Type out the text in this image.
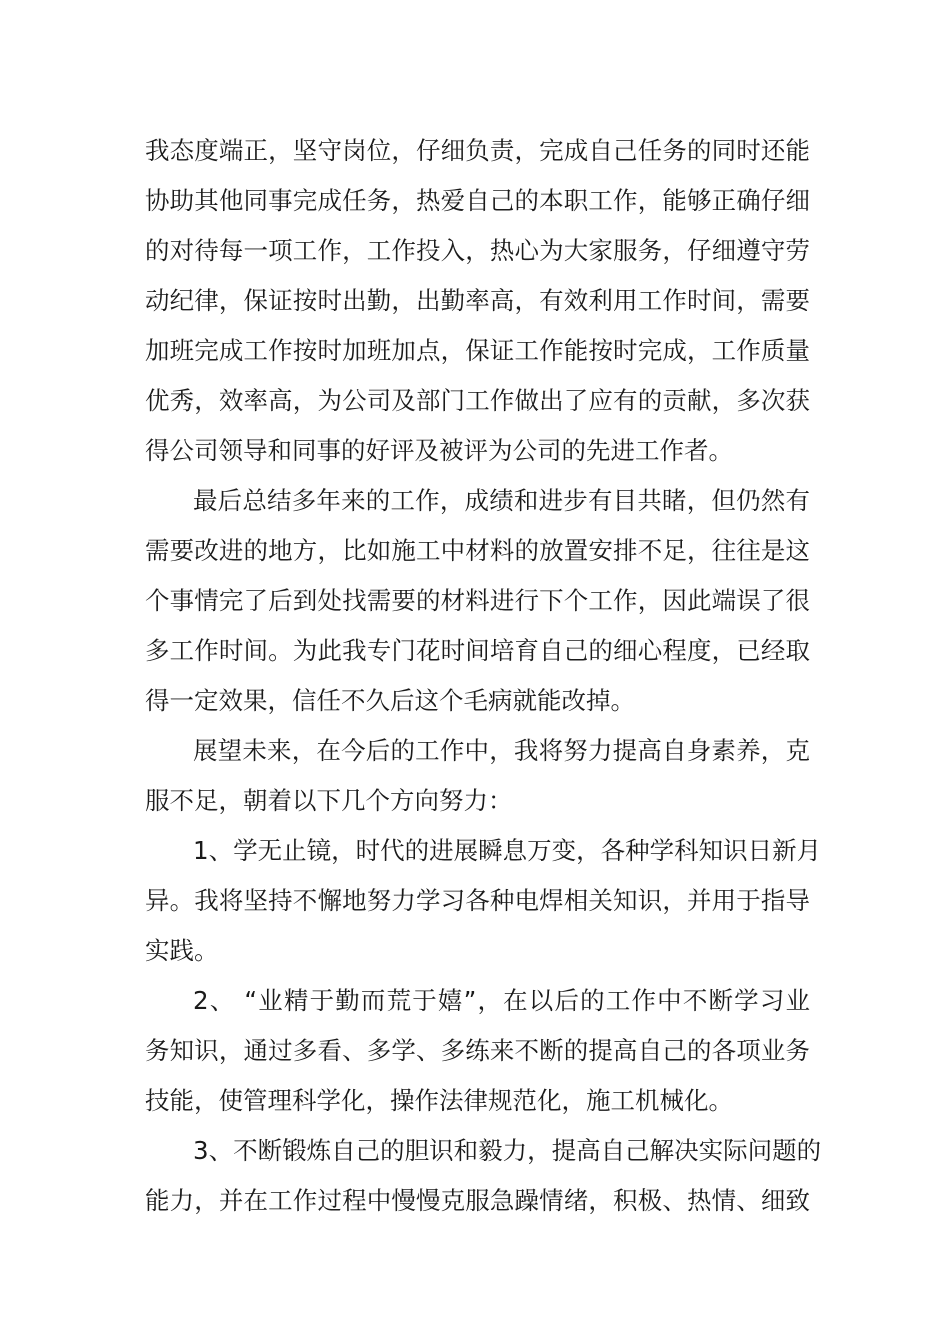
我态度端正，坚守岗位，仔细负责，完成自己任务的同时还能

协助其他同事完成任务，热爱自己的本职工作，能够正确仔细

的对待每一项工作，工作投入，热心为大家服务，仔细遵守劳

动纪律，保证按时出勤，出勤率高，有效利用工作时间，需要

加班完成工作按时加班加点，保证工作能按时完成，工作质量

优秀，效率高，为公司及部门工作做出了应有的贡献，多次获

得公司领导和同事的好评及被评为公司的先进工作者。

最后总结多年来的工作，成绩和进步有目共睹，但仍然有

需要改进的地方，比如施工中材料的放置安排不足，往往是这

个事情完了后到处找需要的材料进行下个工作，因此端误了很

多工作时间。为此我专门花时间培育自己的细心程度，已经取

得一定效果，信任不久后这个毛病就能改掉。

展望未来，在今后的工作中，我将努力提高自身素养，克

服不足，朝着以下几个方向努力：

1、学无止镜，时代的进展瞬息万变，各种学科知识日新月

异。我将坚持不懈地努力学习各种电焊相关知识，并用于指导

实践。

2、 “业精于勤而荒于嬉”，在以后的工作中不断学习业

务知识，通过多看、多学、多练来不断的提高自己的各项业务

技能，使管理科学化，操作法律规范化，施工机械化。

3、不断锻炼自己的胆识和毅力，提高自己解决实际问题的

能力，并在工作过程中慢慢克服急躁情绪，积极、热情、细致
